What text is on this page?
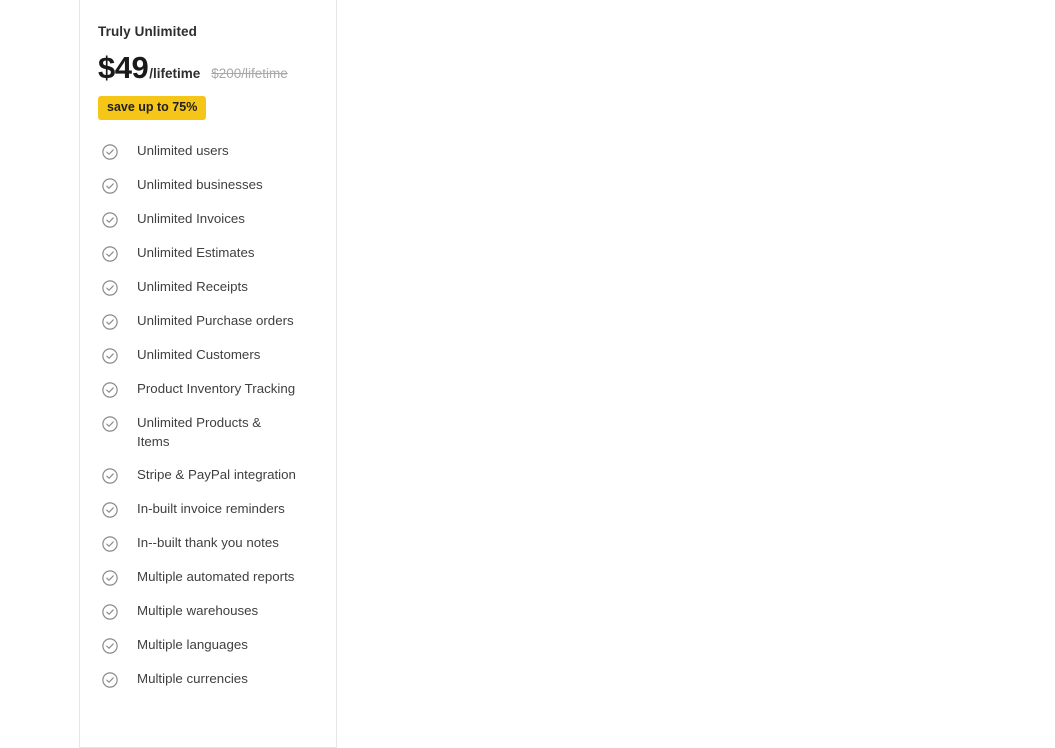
Truly Unlimited
$49 /lifetime $200/lifetime
save up to 75%
Unlimited users
Unlimited businesses
Unlimited Invoices
Unlimited Estimates
Unlimited Receipts
Unlimited Purchase orders
Unlimited Customers
Product Inventory Tracking
Unlimited Products & Items
Stripe & PayPal integration
In-built invoice reminders
In--built thank you notes
Multiple automated reports
Multiple warehouses
Multiple languages
Multiple currencies
